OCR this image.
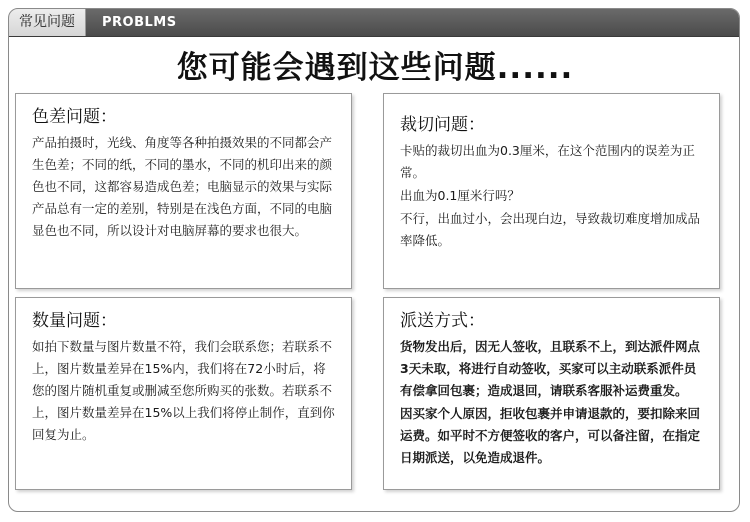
常见问题	PROBLMS
您可能会遇到这些问题......
色差问题：

产品拍摄时，光线、角度等各种拍摄效果的不同都会产生色差；不同的纸，不同的墨水，不同的机印出来的颜色也不同，这都容易造成色差；电脑显示的效果与实际产品总有一定的差别，特别是在浅色方面，不同的电脑显色也不同，所以设计对电脑屏幕的要求也很大。

裁切问题：

卡贴的裁切出血为0.3厘米，在这个范围内的误差为正常。

出血为0.1厘米行吗？

不行，出血过小，会出现白边，导致裁切难度增加成品率降低。

数量问题：

如拍下数量与图片数量不符，我们会联系您；若联系不上，图片数量差异在15%内，我们将在72小时后，将您的图片随机重复或删减至您所购买的张数。若联系不上，图片数量差异在15%以上我们将停止制作，直到你回复为止。

派送方式：

货物发出后，因无人签收，且联系不上，到达派件网点3天未取，将进行自动签收，买家可以主动联系派件员有偿拿回包裹；造成退回，请联系客服补运费重发。

因买家个人原因，拒收包裹并申请退款的，要扣除来回运费。如平时不方便签收的客户，可以备注留，在指定日期派送，以免造成退件。
